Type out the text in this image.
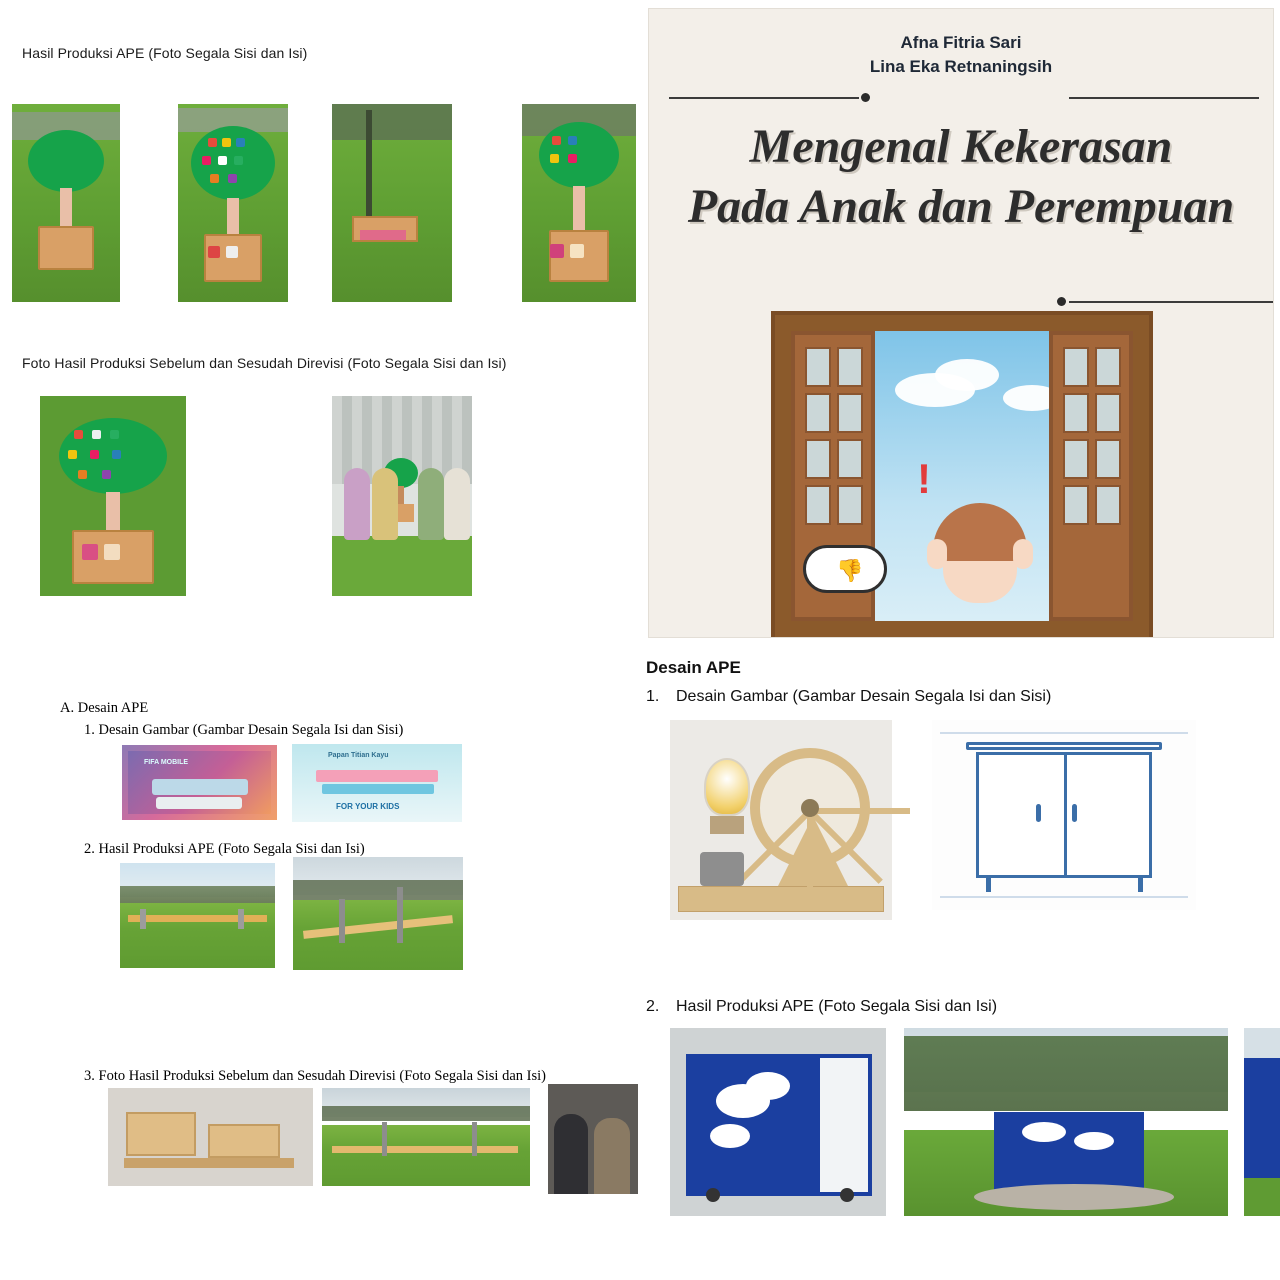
Hasil Produksi APE (Foto Segala Sisi dan Isi)
Foto Hasil Produksi Sebelum dan Sesudah Direvisi (Foto Segala Sisi dan Isi)
A. Desain APE
1. Desain Gambar (Gambar Desain Segala Isi dan Sisi)
FIFA MOBILE
Papan Titian Kayu
FOR YOUR KIDS
2. Hasil Produksi APE (Foto Segala Sisi dan Isi)
3. Foto Hasil Produksi Sebelum dan Sesudah Direvisi (Foto Segala Sisi dan Isi)
Afna Fitria Sari
Lina Eka Retnaningsih
Mengenal Kekerasan
Pada Anak dan Perempuan
!
👎
Desain APE
1. Desain Gambar (Gambar Desain Segala Isi dan Sisi)
2. Hasil Produksi APE (Foto Segala Sisi dan Isi)
